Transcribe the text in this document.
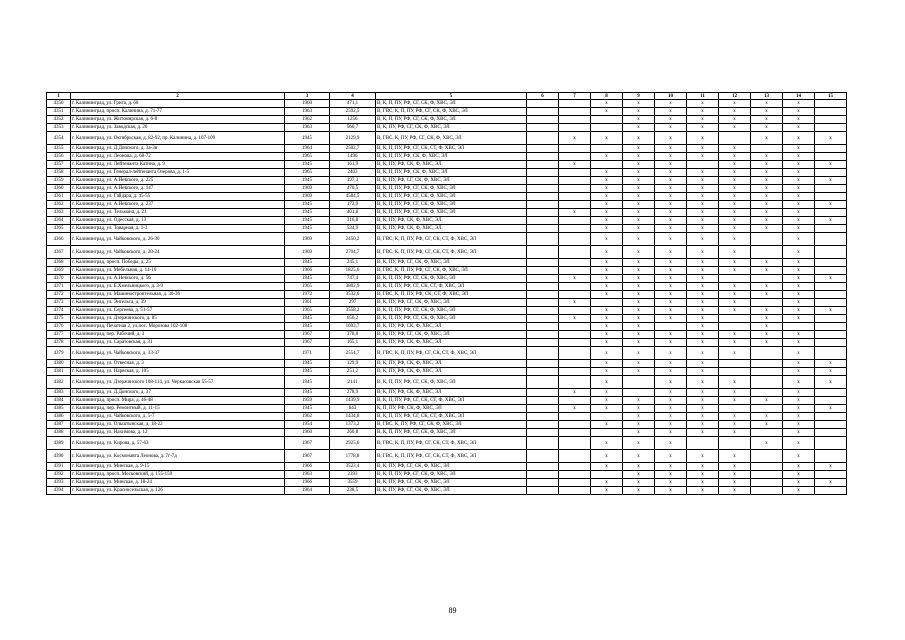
1	2	3	4	5	6	7	8	9	10	11	12	13	14	15
4350	г. Калининград, ул. Грига, д. 60	1960	471,1	В, К, П, ПУ, РФ, СГ, СК, Ф, ХВС, ЭЛ			x	x	x	x	x	x	x	
4351	г. Калининград, просп. Калинина, д. 71-77	1963	2592,5	В, ГВС, К, П, ПУ, РФ, СГ, СК, Ф, ХВС, ЭЛ			x	x	x	x	x	x	x	
4352	г. Калининград, ул. Житомирская, д. 6-8	1962	1256	В, К, П, ПУ, РФ, СГ, СК, Ф, ХВС, ЭЛ				x	x	x	x	x	x	
4353	г. Калининград, ул. Заводская, д. 20	1963	560,7	В, К, ПУ, РФ, СГ, СК, Ф, ХВС, ЭЛ				x	x	x	x	x	x	
4354	г. Калининград, ул. Октябрьская, д. 82-92, пр. Калинина, д. 107-109	1945	2129,9	В, ГВС, К, ПУ, РФ, СГ, СК, Ф, ХВС, ЭЛ		x	x	x	x	x		x	x	x
4355	г. Калининград, ул. Д.Донского, д. 3а-3в	1964	2502,7	В, К, П, ПУ, РФ, СГ, СК, СТ, Ф, ХВС, ЭЛ				x	x	x	x		x	
4356	г. Калининград, ул. Леонова, д. 68-72	1965	1496	В, К, П, ПУ, РФ, СК, Ф, ХВС, ЭЛ			x	x	x	x	x	x	x	
4357	г. Калининград, ул. Лейтенанта Катина, д. 9	1945	161,9	В, К, ПУ, РФ, СК, Ф, ХВС, ЭЛ		x		x	x		x	x	x	x
4358	г. Калининград, ул. Генерал-лейтенанта Озерова, д. 1-5	1965	2403	В, К, П, ПУ, РФ, СК, Ф, ХВС, ЭЛ			x	x	x	x	x	x	x	
4359	г. Калининград, ул. А.Невского, д. 225	1945	197,3	В, К, ПУ, РФ, СГ, СК, Ф, ХВС, ЭЛ			x	x	x	x	x	x	x	x
4360	г. Калининград, ул. А.Невского, д. 147	1969	470,5	В, К, П, ПУ, РФ, СГ, СК, Ф, ХВС, ЭЛ			x	x	x	x	x	x	x	
4361	г. Калининград, ул. Гайдара, д. 45-55	1969	4584,5	В, К, П, ПУ, РФ, СГ, СК, Ф, ХВС, ЭЛ			x	x	x	x	x	x	x	
4362	г. Калининград, ул. А.Невского, д. 237	1945	172,9	В, К, П, ПУ, РФ, СГ, СК, Ф, ХВС, ЭЛ			x	x	x	x	x	x	x	x
4363	г. Калининград, ул. Тельмана, д. 21	1945	401,8	В, К, П, ПУ, РФ, СГ, СК, Ф, ХВС, ЭЛ		x	x	x	x	x	x	x	x	
4364	г. Калининград, ул. Одесская, д. 13	1945	316,8	В, К, ПУ, РФ, СК, Ф, ХВС, ЭЛ			x	x	x	x	x	x	x	x
4365	г. Калининград, ул. Товарная, д. 1-3	1945	534,9	В, К, ПУ, РФ, СК, Ф, ХВС, ЭЛ			x	x	x	x	x	x	x	
4366	г. Калининград, ул. Чайковского, д. 26-30	1969	2450,2	В, ГВС, К, П, ПУ, РФ, СГ, СК, СТ, Ф, ХВС, ЭЛ			x	x	x	x	x		x	
4367	г. Калининград, ул. Чайковского, д. 20-24	1969	2704,7	В, ГВС, К, П, ПУ, РФ, СГ, СК, СТ, Ф, ХВС, ЭЛ			x	x	x	x	x		x	
4368	г. Калининград, просп. Победы, д. 25	1945	245,1	В, К, ПУ, РФ, СГ, СК, Ф, ХВС, ЭЛ			x	x	x	x	x	x	x	
4369	г. Калининград, ул. Мебельная, д. 14-16	1966	1825,6	В, ГВС, К, П, ПУ, РФ, СГ, СК, Ф, ХВС, ЭЛ			x	x	x	x	x	x	x	
4370	г. Калининград, ул. А.Невского, д. 56	1945	747,4	В, К, П, ПУ, РФ, СГ, СК, Ф, ХВС, ЭЛ		x	x	x	x	x			x	x
4371	г. Калининград, ул. Б.Хмельницкого, д. 3-9	1965	3802,9	В, К, П, ПУ, РФ, СГ, СК, СТ, Ф, ХВС, ЭЛ			x	x	x	x	x	x	x	
4372	г. Калининград, ул. Машиностроительная, д. 30-36	1972	3532,6	В, ГВС, К, П, ПУ, РФ, СК, СТ, Ф, ХВС, ЭЛ			x	x	x	x	x	x	x	
4373	г. Калининград, ул. Энгельса, д. 39	1961	297	В, К, ПУ, РФ, СГ, СК, Ф, ХВС, ЭЛ		x		x	x	x	x		x	
4374	г. Калининград, ул. Сергеева, д. 51-57	1965	3558,2	В, К, П, ПУ, РФ, СГ, СК, Ф, ХВС, ЭЛ			x	x	x	x	x	x	x	x
4375	г. Калининград, ул. Дзержинского, д. 85	1945	656,2	В, К, П, ПУ, РФ, СГ, СК, Ф, ХВС, ЭЛ		x	x	x	x	x		x	x	
4376	г. Калининград, Печатная 2, ул.пос. Морозова 102-108	1945	1693,7	В, К, ПУ, РФ, СК, Ф, ХВС, ЭЛ			x	x		x		x		
4377	г. Калининград, пер. Рабочий, д. 3	1967	378,8	В, К, ПУ, РФ, СГ, СК, Ф, ХВС, ЭЛ			x	x	x	x	x	x	x	
4378	г. Калининград, ул. Саратовская, д. 31	1967	165,1	В, К, ПУ, РФ, СК, Ф, ХВС, ЭЛ			x	x	x	x	x	x	x	
4379	г. Калининград, ул. Чайковского, д. 33-37	1971	2554,7	В, ГВС, К, П, ПУ, РФ, СГ, СК, СТ, Ф, ХВС, ЭЛ			x	x	x	x	x		x	
4380	г. Калининград, ул. Отвесная, д. 3	1945	129,9	В, К, ПУ, РФ, СК, Ф, ХВС, ЭЛ			x	x	x	x			x	x
4381	г. Калининград, ул. Нарвская, д. 105	1945	251,2	В, К, ПУ, РФ, СК, Ф, ХВС, ЭЛ			x	x	x	x			x	x
4382	г. Калининград, ул. Дзержинского 108-114, ул. Черкасовская 55-57	1945	2141	В, К, П, ПУ, РФ, СГ, СК, Ф, ХВС, ЭЛ			x		x	x	x		x	x
4383	г. Калининград, ул. Д.Донского, д. 37	1945	278,9	В, К, ПУ, РФ, СК, Ф, ХВС, ЭЛ		x	x		x	x	x		x	
4384	г. Калининград, просп. Мира, д. 46-48	1959	1439,9	В, К, П, ПУ, РФ, СГ, СК, СТ, Ф, ХВС, ЭЛ			x	x	x	x	x	x	x	
4385	г. Калининград, пер. Ремонтный, д. 11-15	1945	643	К, П, ПУ, РФ, СК, Ф, ХВС, ЭЛ		x	x	x	x	x			x	x
4386	г. Калининград, ул. Чайковского, д. 5-7	1962	1434,8	В, К, П, ПУ, РФ, СГ, СК, СТ, Ф, ХВС, ЭЛ				x	x	x	x	x	x	
4387	г. Калининград, ул. Ольштынская, д. 18-22	1954	1373,2	В, ГВС, К, ПУ, РФ, СГ, СК, Ф, ХВС, ЭЛ			x	x	x	x	x	x	x	
4388	г. Калининград, ул. Нахимова, д. 12	1960	260,8	В, К, П, ПУ, РФ, СГ, СК, Ф, ХВС, ЭЛ				x	x	x	x		x	
4389	г. Калининград, ул. Кирова, д. 57-63	1967	2925,6	В, ГВС, К, П, ПУ, РФ, СГ, СК, СТ, Ф, ХВС, ЭЛ			x	x	x			x	x	
4390	г. Калининград, ул. Космонавта Леонова, д. 7г-7д	1967	1778,8	В, ГВС, К, П, ПУ, РФ, СГ, СК, СТ, Ф, ХВС, ЭЛ			x	x	x	x	x		x	
4391	г. Калининград, ул. Минская, д. 9-15	1966	3523,4	В, К, ПУ, РФ, СГ, СК, Ф, ХВС, ЭЛ			x	x	x	x	x		x	x
4392	г. Калининград, просп. Московский, д. 155-159	1963	2393	В, К, П, ПУ, РФ, СГ, СК, Ф, ХВС, ЭЛ				x	x	x	x		x	
4393	г. Калининград, ул. Минская, д. 18-24	1966	3559	В, К, ПУ, РФ, СГ, СК, Ф, ХВС, ЭЛ			x	x	x	x	x		x	x
4394	г. Калининград, ул. Красносельская, д. 126	1964	238,5	В, К, ПУ, РФ, СГ, СК, Ф, ХВС, ЭЛ			x	x	x	x	x		x	
89
